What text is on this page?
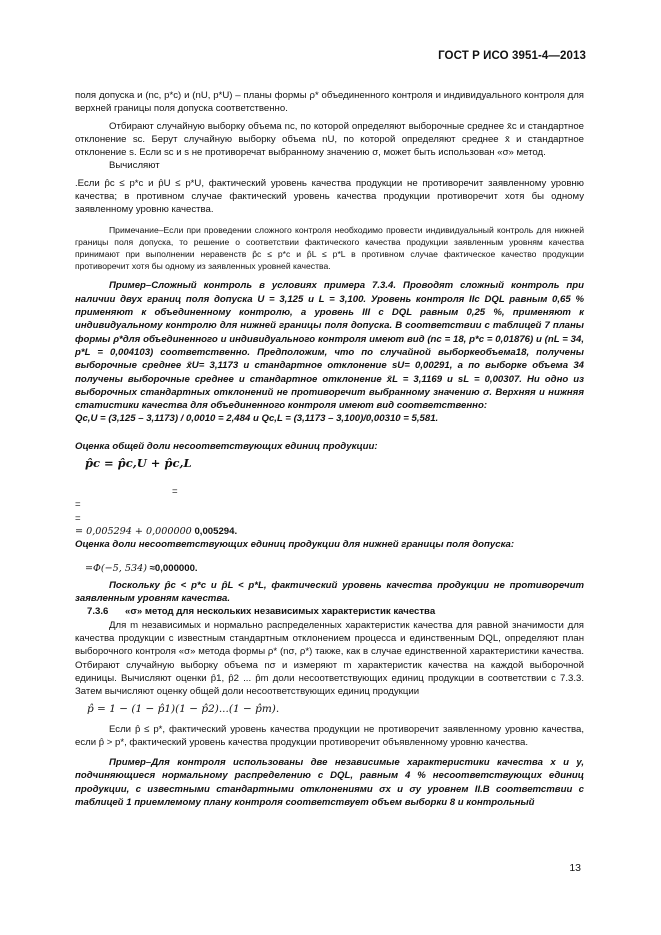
ГОСТ Р ИСО 3951-4—2013

поля допуска и (nc, p*c) и (nU, p*U) – планы формы ρ* объединенного контроля и индивидуального контроля для верхней границы поля допуска соответственно.

Отбирают случайную выборку объема nc, по которой определяют выборочные среднее x̄c и стандартное отклонение sc. Берут случайную выборку объема nU, по которой определяют среднее x̄ и стандартное отклонение s. Если sc и s не противоречат выбранному значению σ, может быть использован «σ» метод.

Вычисляют

.Если p̂c ≤ p*c и p̂U ≤ p*U, фактический уровень качества продукции не противоречит заявленному уровню качества; в противном случае фактический уровень качества продукции противоречит хотя бы одному заявленному уровню качества.

Примечание–Если при проведении сложного контроля необходимо провести индивидуальный контроль для нижней границы поля допуска, то решение о соответствии фактического качества продукции заявленным уровням качества принимают при выполнении неравенств p̂c ≤ p*c и p̂L ≤ p*L в противном случае фактическое качество продукции противоречит хотя бы одному из заявленных уровней качества.

Пример–Сложный контроль в условиях примера 7.3.4. Проводят сложный контроль при наличии двух границ поля допуска U = 3,125 и L = 3,100. Уровень контроля IIс DQL равным 0,65 % применяют к объединенному контролю, а уровень III с DQL равным 0,25 %, применяют к индивидуальному контролю для нижней границы поля допуска. В соответствии с таблицей 7 планы формы ρ*для объединенного и индивидуального контроля имеют вид (nc = 18, p*c = 0,01876) и (nL = 34, p*L = 0,004103) соответственно. Предположим, что по случайной выборкеобъема18, получены выборочные среднее x̄U= 3,1173 и стандартное отклонение sU= 0,00291, а по выборке объема 34 получены выборочные среднее и стандартное отклонение x̄L = 3,1169 и sL = 0,00307. Ни одно из выборочных стандартных отклонений не противоречит выбранному значению σ. Верхняя и нижняя статистики качества для объединенного контроля имеют вид соответственно:

Qc,U = (3,125 – 3,1173) / 0,0010 = 2,484 и Qc,L = (3,1173 – 3,100)/0,00310 = 5,581.

Оценка общей доли несоответствующих единиц продукции:

p̂c = p̂c,U + p̂c,L
=
=
=
= 0,005294 + 0,000000 0,005294.

Оценка доли несоответствующих единиц продукции для нижней границы поля допуска:

=Φ(−5, 534) ≈0,000000.

Поскольку p̂c < p*c и p̂L < p*L, фактический уровень качества продукции не противоречит заявленным уровням качества.

7.3.6 «σ» метод для нескольких независимых характеристик качества

Для m независимых и нормально распределенных характеристик качества для равной значимости для качества продукции с известным стандартным отклонением процесса и единственным DQL, определяют план выборочного контроля «σ» метода формы ρ* (nσ, ρ*) также, как в случае единственной характеристики качества. Отбирают случайную выборку объема nσ и измеряют m характеристик качества на каждой выборочной единицы. Вычисляют оценки p̂1, p̂2 ... p̂m доли несоответствующих единиц продукции в соответствии с 7.3.3. Затем вычисляют оценку общей доли несоответствующих единиц продукции

p̂ = 1 − (1 − p̂1)(1 − p̂2)...(1 − p̂m).

Если p̂ ≤ p*, фактический уровень качества продукции не противоречит заявленному уровню качества, если p̂ > p*, фактический уровень качества продукции противоречит объявленному уровню качества.

Пример–Для контроля использованы две независимые характеристики качества x и y, подчиняющиеся нормальному распределению с DQL, равным 4 % несоответствующих единиц продукции, с известными стандартными отклонениями σx и σy уровнем II.В соответствии с таблицей 1 приемлемому плану контроля соответствует объем выборки 8 и контрольный

13
